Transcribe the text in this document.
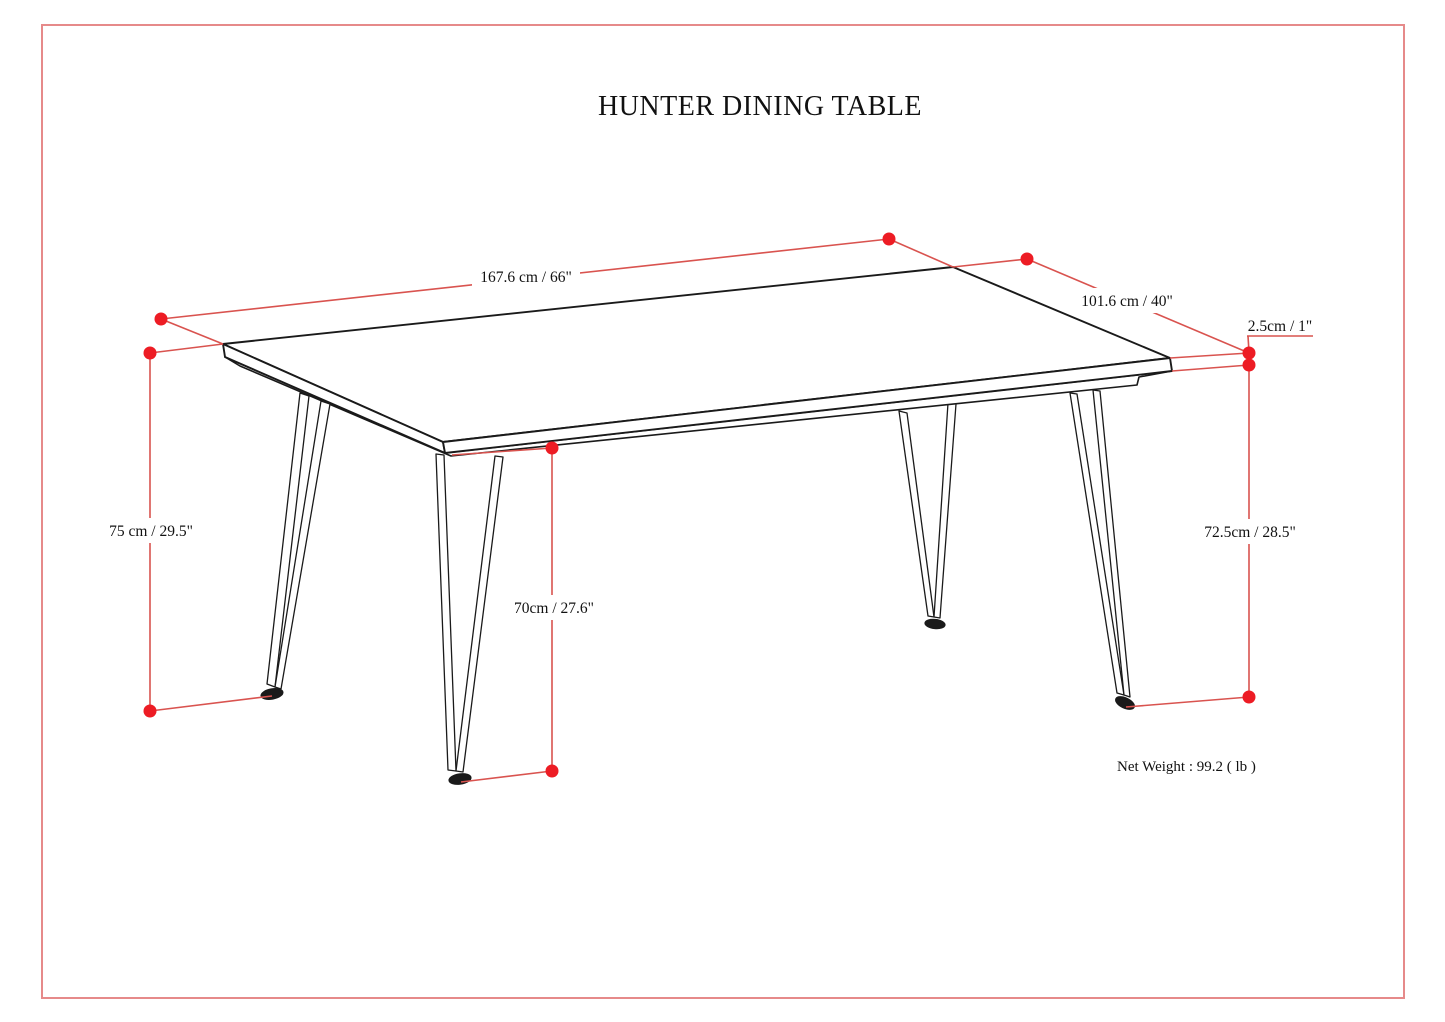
HUNTER DINING TABLE
167.6 cm / 66"
101.6 cm / 40"
2.5cm / 1"
75 cm / 29.5"
70cm / 27.6"
72.5cm / 28.5"
Net Weight : 99.2 ( lb )
